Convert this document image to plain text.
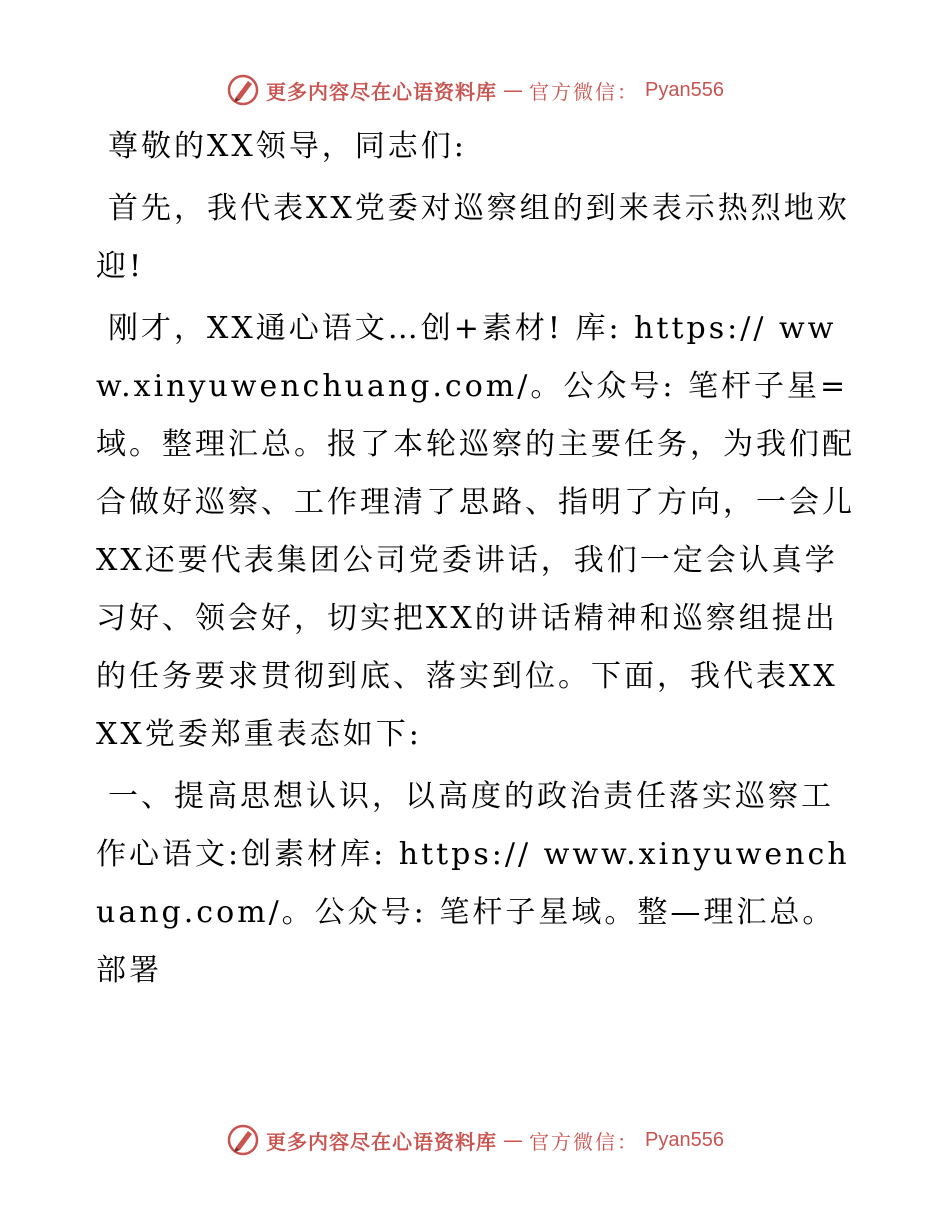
更多内容尽在心语资料库 — 官方微信： Pyan556

尊敬的XX领导，同志们:

首先，我代表XX党委对巡察组的到来表示热烈地欢迎!

刚才，XX通心语文…创+素材! 库: https:// www.xinyuwenchuang.com/。公众号: 笔杆子星=域。整理汇总。报了本轮巡察的主要任务，为我们配合做好巡察、工作理清了思路、指明了方向，一会儿XX还要代表集团公司党委讲话，我们一定会认真学习好、领会好，切实把XX的讲话精神和巡察组提出的任务要求贯彻到底、落实到位。下面，我代表XXXX党委郑重表态如下:

一、提高思想认识，以高度的政治责任落实巡察工作心语文:创素材库: https:// www.xinyuwenchuang.com/。公众号: 笔杆子星域。整—理汇总。部署

更多内容尽在心语资料库 — 官方微信： Pyan556
